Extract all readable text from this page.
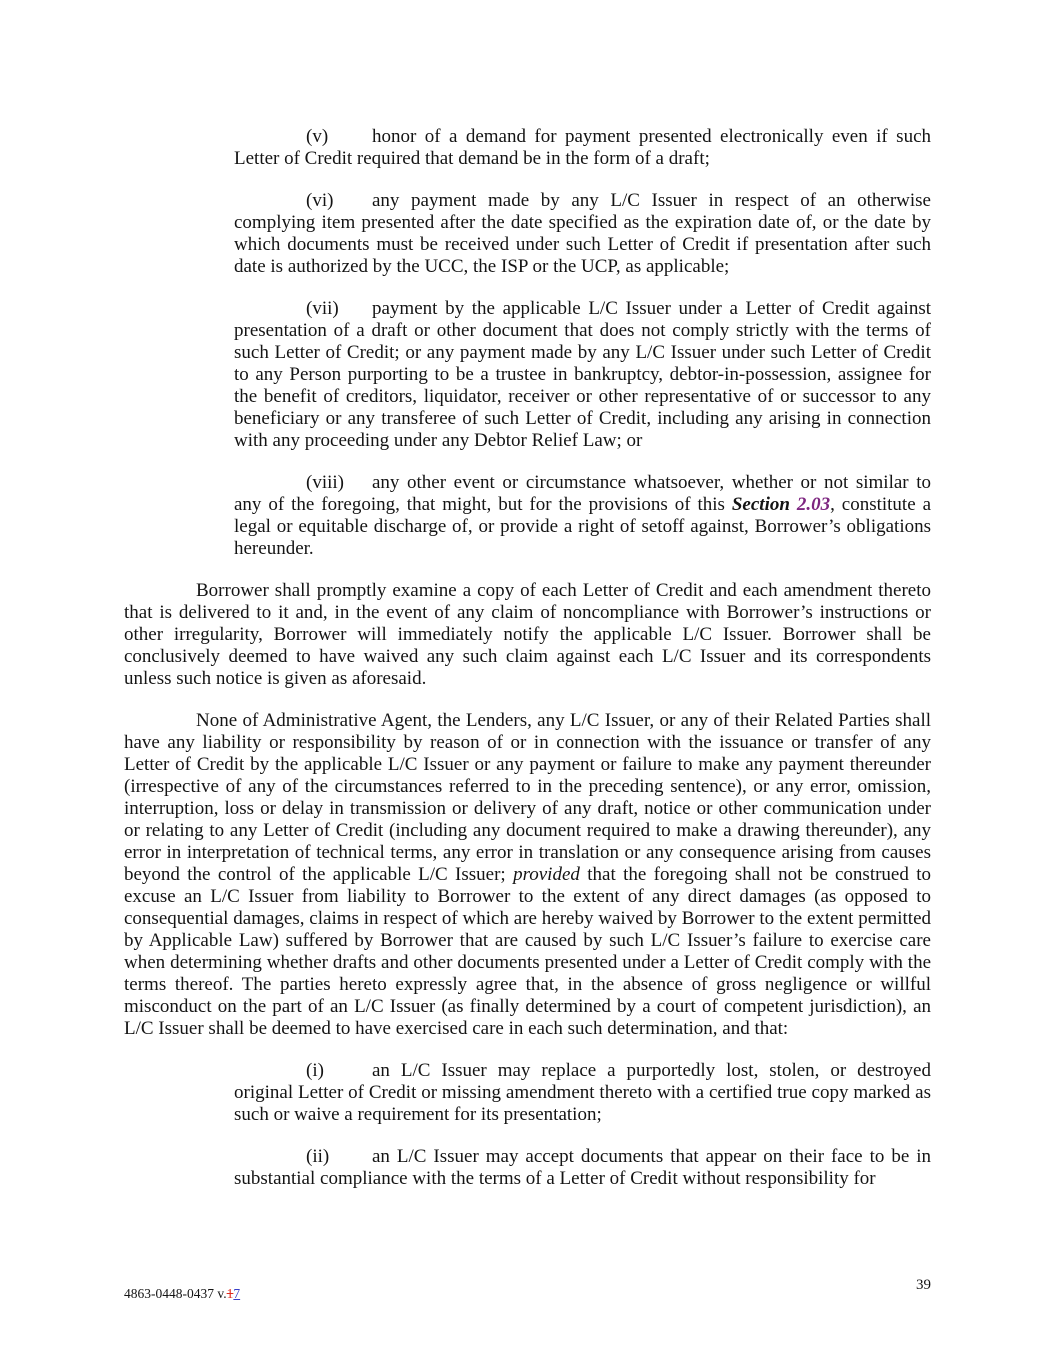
(v) honor of a demand for payment presented electronically even if such Letter of Credit required that demand be in the form of a draft;
(vi) any payment made by any L/C Issuer in respect of an otherwise complying item presented after the date specified as the expiration date of, or the date by which documents must be received under such Letter of Credit if presentation after such date is authorized by the UCC, the ISP or the UCP, as applicable;
(vii) payment by the applicable L/C Issuer under a Letter of Credit against presentation of a draft or other document that does not comply strictly with the terms of such Letter of Credit; or any payment made by any L/C Issuer under such Letter of Credit to any Person purporting to be a trustee in bankruptcy, debtor-in-possession, assignee for the benefit of creditors, liquidator, receiver or other representative of or successor to any beneficiary or any transferee of such Letter of Credit, including any arising in connection with any proceeding under any Debtor Relief Law; or
(viii) any other event or circumstance whatsoever, whether or not similar to any of the foregoing, that might, but for the provisions of this Section 2.03, constitute a legal or equitable discharge of, or provide a right of setoff against, Borrower’s obligations hereunder.
Borrower shall promptly examine a copy of each Letter of Credit and each amendment thereto that is delivered to it and, in the event of any claim of noncompliance with Borrower’s instructions or other irregularity, Borrower will immediately notify the applicable L/C Issuer. Borrower shall be conclusively deemed to have waived any such claim against each L/C Issuer and its correspondents unless such notice is given as aforesaid.
None of Administrative Agent, the Lenders, any L/C Issuer, or any of their Related Parties shall have any liability or responsibility by reason of or in connection with the issuance or transfer of any Letter of Credit by the applicable L/C Issuer or any payment or failure to make any payment thereunder (irrespective of any of the circumstances referred to in the preceding sentence), or any error, omission, interruption, loss or delay in transmission or delivery of any draft, notice or other communication under or relating to any Letter of Credit (including any document required to make a drawing thereunder), any error in interpretation of technical terms, any error in translation or any consequence arising from causes beyond the control of the applicable L/C Issuer; provided that the foregoing shall not be construed to excuse an L/C Issuer from liability to Borrower to the extent of any direct damages (as opposed to consequential damages, claims in respect of which are hereby waived by Borrower to the extent permitted by Applicable Law) suffered by Borrower that are caused by such L/C Issuer’s failure to exercise care when determining whether drafts and other documents presented under a Letter of Credit comply with the terms thereof. The parties hereto expressly agree that, in the absence of gross negligence or willful misconduct on the part of an L/C Issuer (as finally determined by a court of competent jurisdiction), an L/C Issuer shall be deemed to have exercised care in each such determination, and that:
(i)	an L/C Issuer may replace a purportedly lost, stolen, or destroyed original Letter of Credit or missing amendment thereto with a certified true copy marked as such or waive a requirement for its presentation;
(ii) an L/C Issuer may accept documents that appear on their face to be in substantial compliance with the terms of a Letter of Credit without responsibility for
4863-0448-0437 v.17
39
